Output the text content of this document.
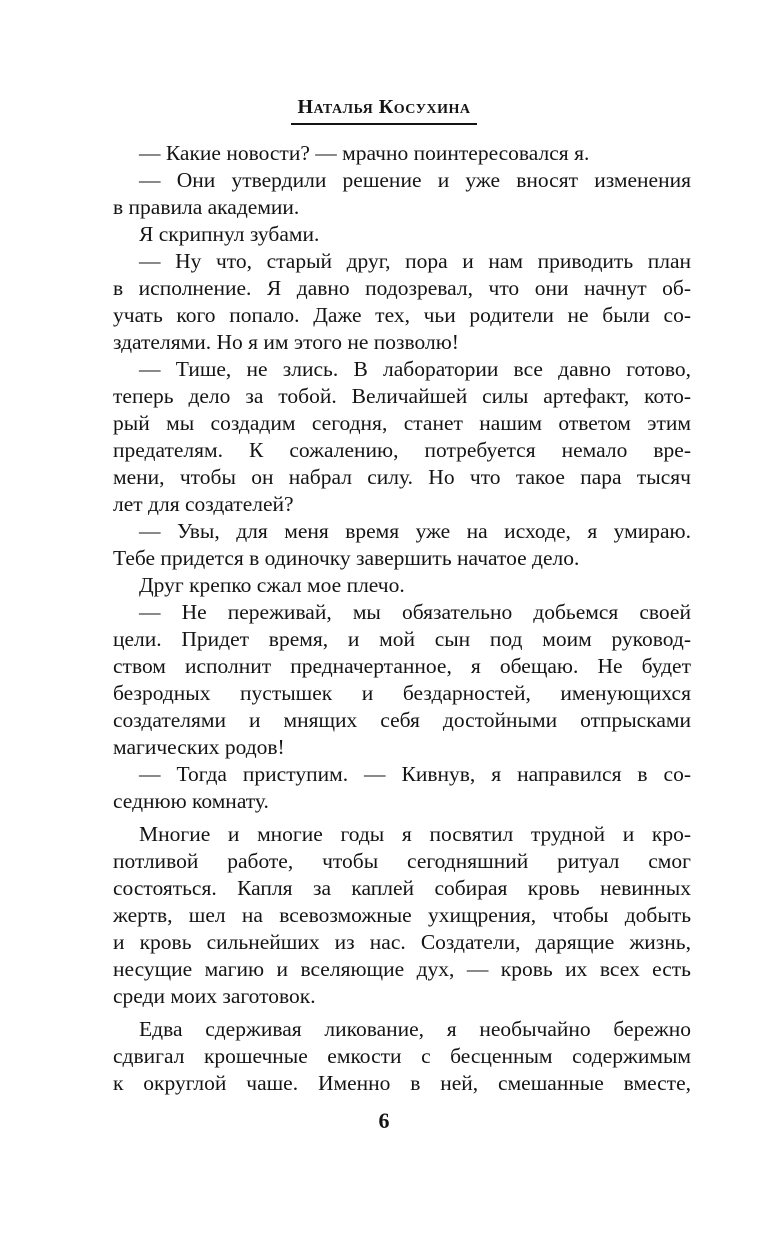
Наталья Косухина
— Какие новости? — мрачно поинтересовался я.
— Они утвердили решение и уже вносят изменения
в правила академии.
Я скрипнул зубами.
— Ну что, старый друг, пора и нам приводить план
в исполнение. Я давно подозревал, что они начнут об-
учать кого попало. Даже тех, чьи родители не были со-
здателями. Но я им этого не позволю!
— Тише, не злись. В лаборатории все давно готово,
теперь дело за тобой. Величайшей силы артефакт, кото-
рый мы создадим сегодня, станет нашим ответом этим
предателям. К сожалению, потребуется немало вре-
мени, чтобы он набрал силу. Но что такое пара тысяч
лет для создателей?
— Увы, для меня время уже на исходе, я умираю.
Тебе придется в одиночку завершить начатое дело.
Друг крепко сжал мое плечо.
— Не переживай, мы обязательно добьемся своей
цели. Придет время, и мой сын под моим руковод-
ством исполнит предначертанное, я обещаю. Не будет
безродных пустышек и бездарностей, именующихся
создателями и мнящих себя достойными отпрысками
магических родов!
— Тогда приступим. — Кивнув, я направился в со-
седнюю комнату.
Многие и многие годы я посвятил трудной и кро-
потливой работе, чтобы сегодняшний ритуал смог
состояться. Капля за каплей собирая кровь невинных
жертв, шел на всевозможные ухищрения, чтобы добыть
и кровь сильнейших из нас. Создатели, дарящие жизнь,
несущие магию и вселяющие дух, — кровь их всех есть
среди моих заготовок.
Едва сдерживая ликование, я необычайно бережно
сдвигал крошечные емкости с бесценным содержимым
к округлой чаше. Именно в ней, смешанные вместе,
6
